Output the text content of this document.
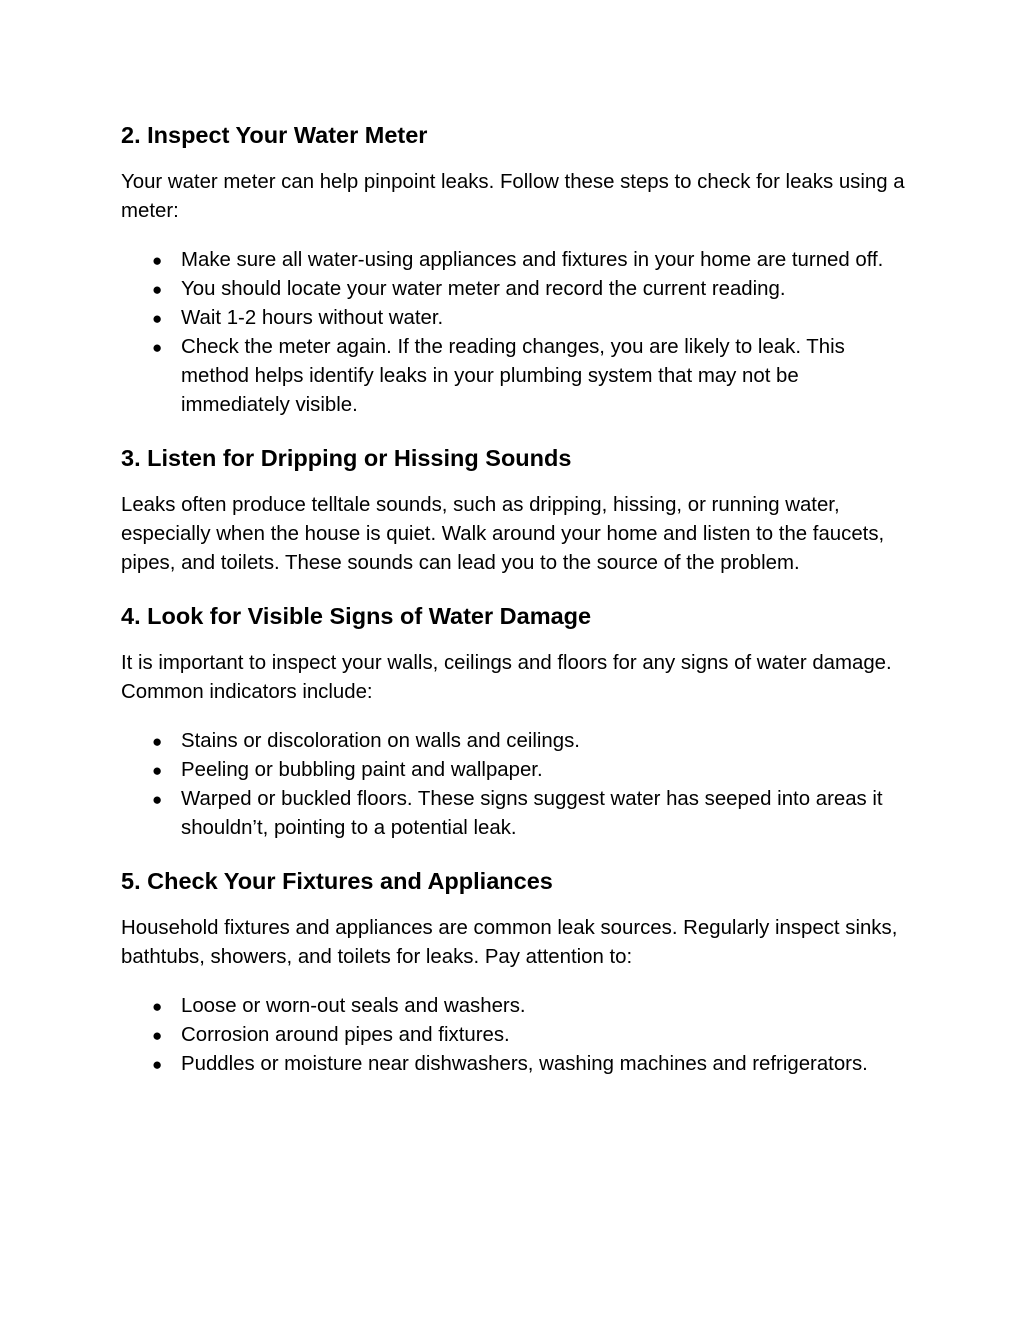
2. Inspect Your Water Meter

Your water meter can help pinpoint leaks. Follow these steps to check for leaks using a meter:

● Make sure all water-using appliances and fixtures in your home are turned off.
● You should locate your water meter and record the current reading.
● Wait 1-2 hours without water.
● Check the meter again. If the reading changes, you are likely to leak. This method helps identify leaks in your plumbing system that may not be immediately visible.
3. Listen for Dripping or Hissing Sounds

Leaks often produce telltale sounds, such as dripping, hissing, or running water, especially when the house is quiet. Walk around your home and listen to the faucets, pipes, and toilets. These sounds can lead you to the source of the problem.

4. Look for Visible Signs of Water Damage

It is important to inspect your walls, ceilings and floors for any signs of water damage. Common indicators include:

● Stains or discoloration on walls and ceilings.
● Peeling or bubbling paint and wallpaper.
● Warped or buckled floors. These signs suggest water has seeped into areas it shouldn’t, pointing to a potential leak.
5. Check Your Fixtures and Appliances

Household fixtures and appliances are common leak sources. Regularly inspect sinks, bathtubs, showers, and toilets for leaks. Pay attention to:

● Loose or worn-out seals and washers.
● Corrosion around pipes and fixtures.
● Puddles or moisture near dishwashers, washing machines and refrigerators.
